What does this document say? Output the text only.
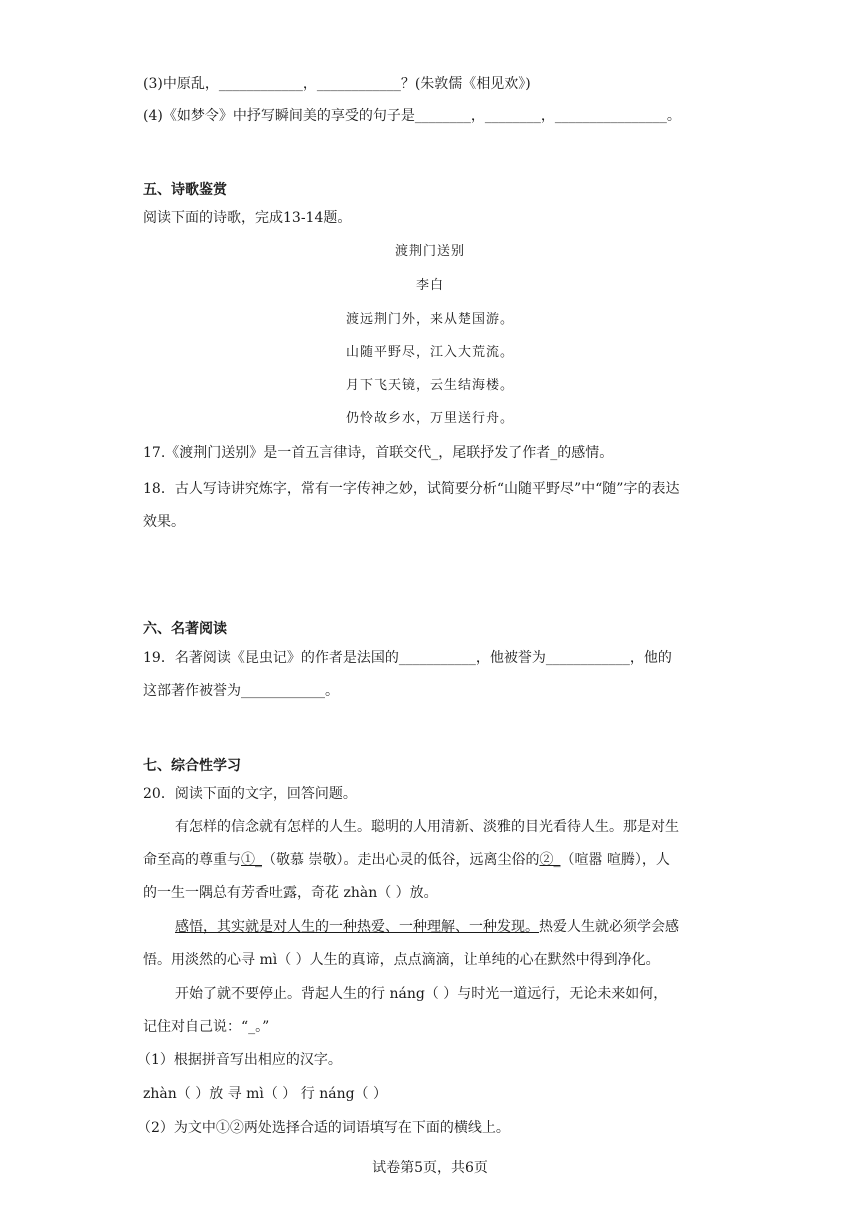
(3)中原乱，____________，____________？(朱敦儒《相见欢》)
(4)《如梦令》中抒写瞬间美的享受的句子是________，________，________________。
五、诗歌鉴赏
阅读下面的诗歌，完成13-14题。
渡荆门送别
李白
渡远荆门外，来从楚国游。
山随平野尽，江入大荒流。
月下飞天镜，云生结海楼。
仍怜故乡水，万里送行舟。
17.《渡荆门送别》是一首五言律诗，首联交代_，尾联抒发了作者_的感情。
18．古人写诗讲究炼字，常有一字传神之妙，试简要分析“山随平野尽”中“随”字的表达
效果。
六、名著阅读
19．名著阅读《昆虫记》的作者是法国的___________，他被誉为____________，他的
这部著作被誉为____________。
七、综合性学习
20．阅读下面的文字，回答问题。
有怎样的信念就有怎样的人生。聪明的人用清新、淡雅的目光看待人生。那是对生
命至高的尊重与①_（敬慕 崇敬）。走出心灵的低谷，远离尘俗的②_（喧嚣 喧腾），人
的一生一隅总有芳香吐露，奇花 zhàn（ ）放。
感悟，其实就是对人生的一种热爱、一种理解、一种发现。热爱人生就必须学会感
悟。用淡然的心寻 mì（ ）人生的真谛，点点滴滴，让单纯的心在默然中得到净化。
开始了就不要停止。背起人生的行 náng（ ）与时光一道远行，无论未来如何，
记住对自己说：“_。”
（1）根据拼音写出相应的汉字。
zhàn（ ）放 寻 mì（ ） 行 náng（ ）
（2）为文中①②两处选择合适的词语填写在下面的横线上。
试卷第5页，共6页
